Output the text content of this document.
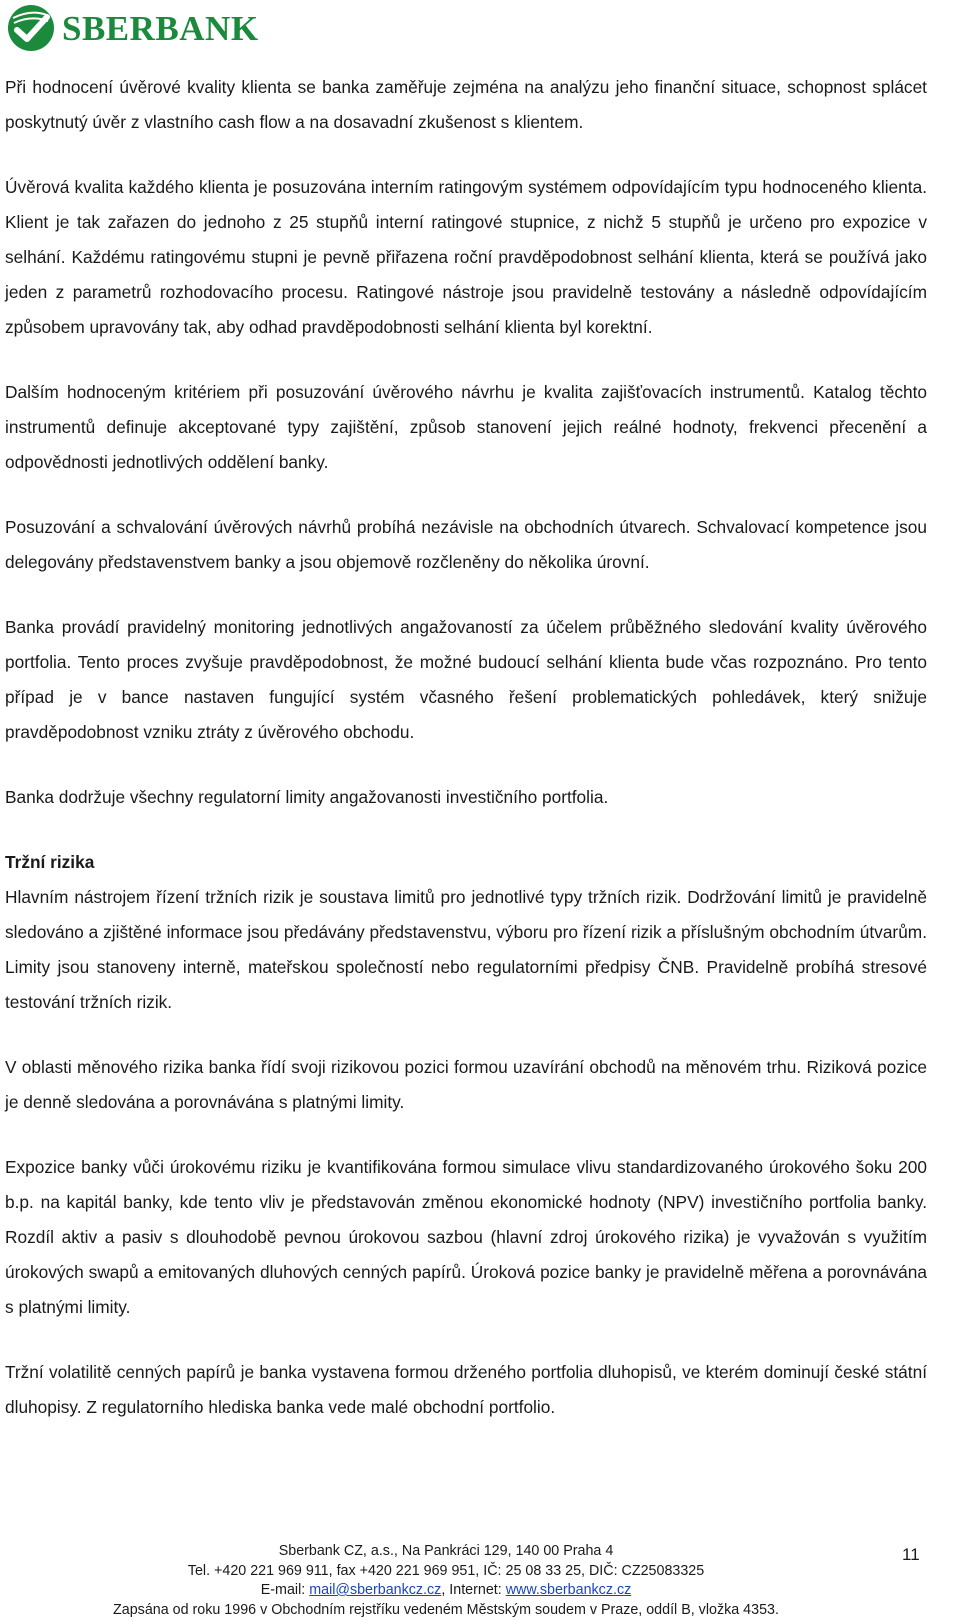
SBERBANK

Při hodnocení úvěrové kvality klienta se banka zaměřuje zejména na analýzu jeho finanční situace, schopnost splácet poskytnutý úvěr z vlastního cash flow a na dosavadní zkušenost s klientem.

Úvěrová kvalita každého klienta je posuzována interním ratingovým systémem odpovídajícím typu hodnoceného klienta. Klient je tak zařazen do jednoho z 25 stupňů interní ratingové stupnice, z nichž 5 stupňů je určeno pro expozice v selhání. Každému ratingovému stupni je pevně přiřazena roční pravděpodobnost selhání klienta, která se používá jako jeden z parametrů rozhodovacího procesu. Ratingové nástroje jsou pravidelně testovány a následně odpovídajícím způsobem upravovány tak, aby odhad pravděpodobnosti selhání klienta byl korektní.

Dalším hodnoceným kritériem při posuzování úvěrového návrhu je kvalita zajišťovacích instrumentů. Katalog těchto instrumentů definuje akceptované typy zajištění, způsob stanovení jejich reálné hodnoty, frekvenci přecenění a odpovědnosti jednotlivých oddělení banky.

Posuzování a schvalování úvěrových návrhů probíhá nezávisle na obchodních útvarech. Schvalovací kompetence jsou delegovány představenstvem banky a jsou objemově rozčleněny do několika úrovní.

Banka provádí pravidelný monitoring jednotlivých angažovaností za účelem průběžného sledování kvality úvěrového portfolia. Tento proces zvyšuje pravděpodobnost, že možné budoucí selhání klienta bude včas rozpoznáno. Pro tento případ je v bance nastaven fungující systém včasného řešení problematických pohledávek, který snižuje pravděpodobnost vzniku ztráty z úvěrového obchodu.

Banka dodržuje všechny regulatorní limity angažovanosti investičního portfolia.

Tržní rizika

Hlavním nástrojem řízení tržních rizik je soustava limitů pro jednotlivé typy tržních rizik. Dodržování limitů je pravidelně sledováno a zjištěné informace jsou předávány představenstvu, výboru pro řízení rizik a příslušným obchodním útvarům. Limity jsou stanoveny interně, mateřskou společností nebo regulatorními předpisy ČNB. Pravidelně probíhá stresové testování tržních rizik.

V oblasti měnového rizika banka řídí svoji rizikovou pozici formou uzavírání obchodů na měnovém trhu. Riziková pozice je denně sledována a porovnávána s platnými limity.

Expozice banky vůči úrokovému riziku je kvantifikována formou simulace vlivu standardizovaného úrokového šoku 200 b.p. na kapitál banky, kde tento vliv je představován změnou ekonomické hodnoty (NPV) investičního portfolia banky. Rozdíl aktiv a pasiv s dlouhodobě pevnou úrokovou sazbou (hlavní zdroj úrokového rizika) je vyvažován s využitím úrokových swapů a emitovaných dluhových cenných papírů. Úroková pozice banky je pravidelně měřena a porovnávána s platnými limity.

Tržní volatilitě cenných papírů je banka vystavena formou drženého portfolia dluhopisů, ve kterém dominují české státní dluhopisy. Z regulatorního hlediska banka vede malé obchodní portfolio.

Sberbank CZ, a.s., Na Pankráci 129, 140 00 Praha 4
Tel. +420 221 969 911, fax +420 221 969 951, IČ: 25 08 33 25, DIČ: CZ25083325
E-mail: mail@sberbankcz.cz, Internet: www.sberbankcz.cz
Zapsána od roku 1996 v Obchodním rejstříku vedeném Městským soudem v Praze, oddíl B, vložka 4353.
11
